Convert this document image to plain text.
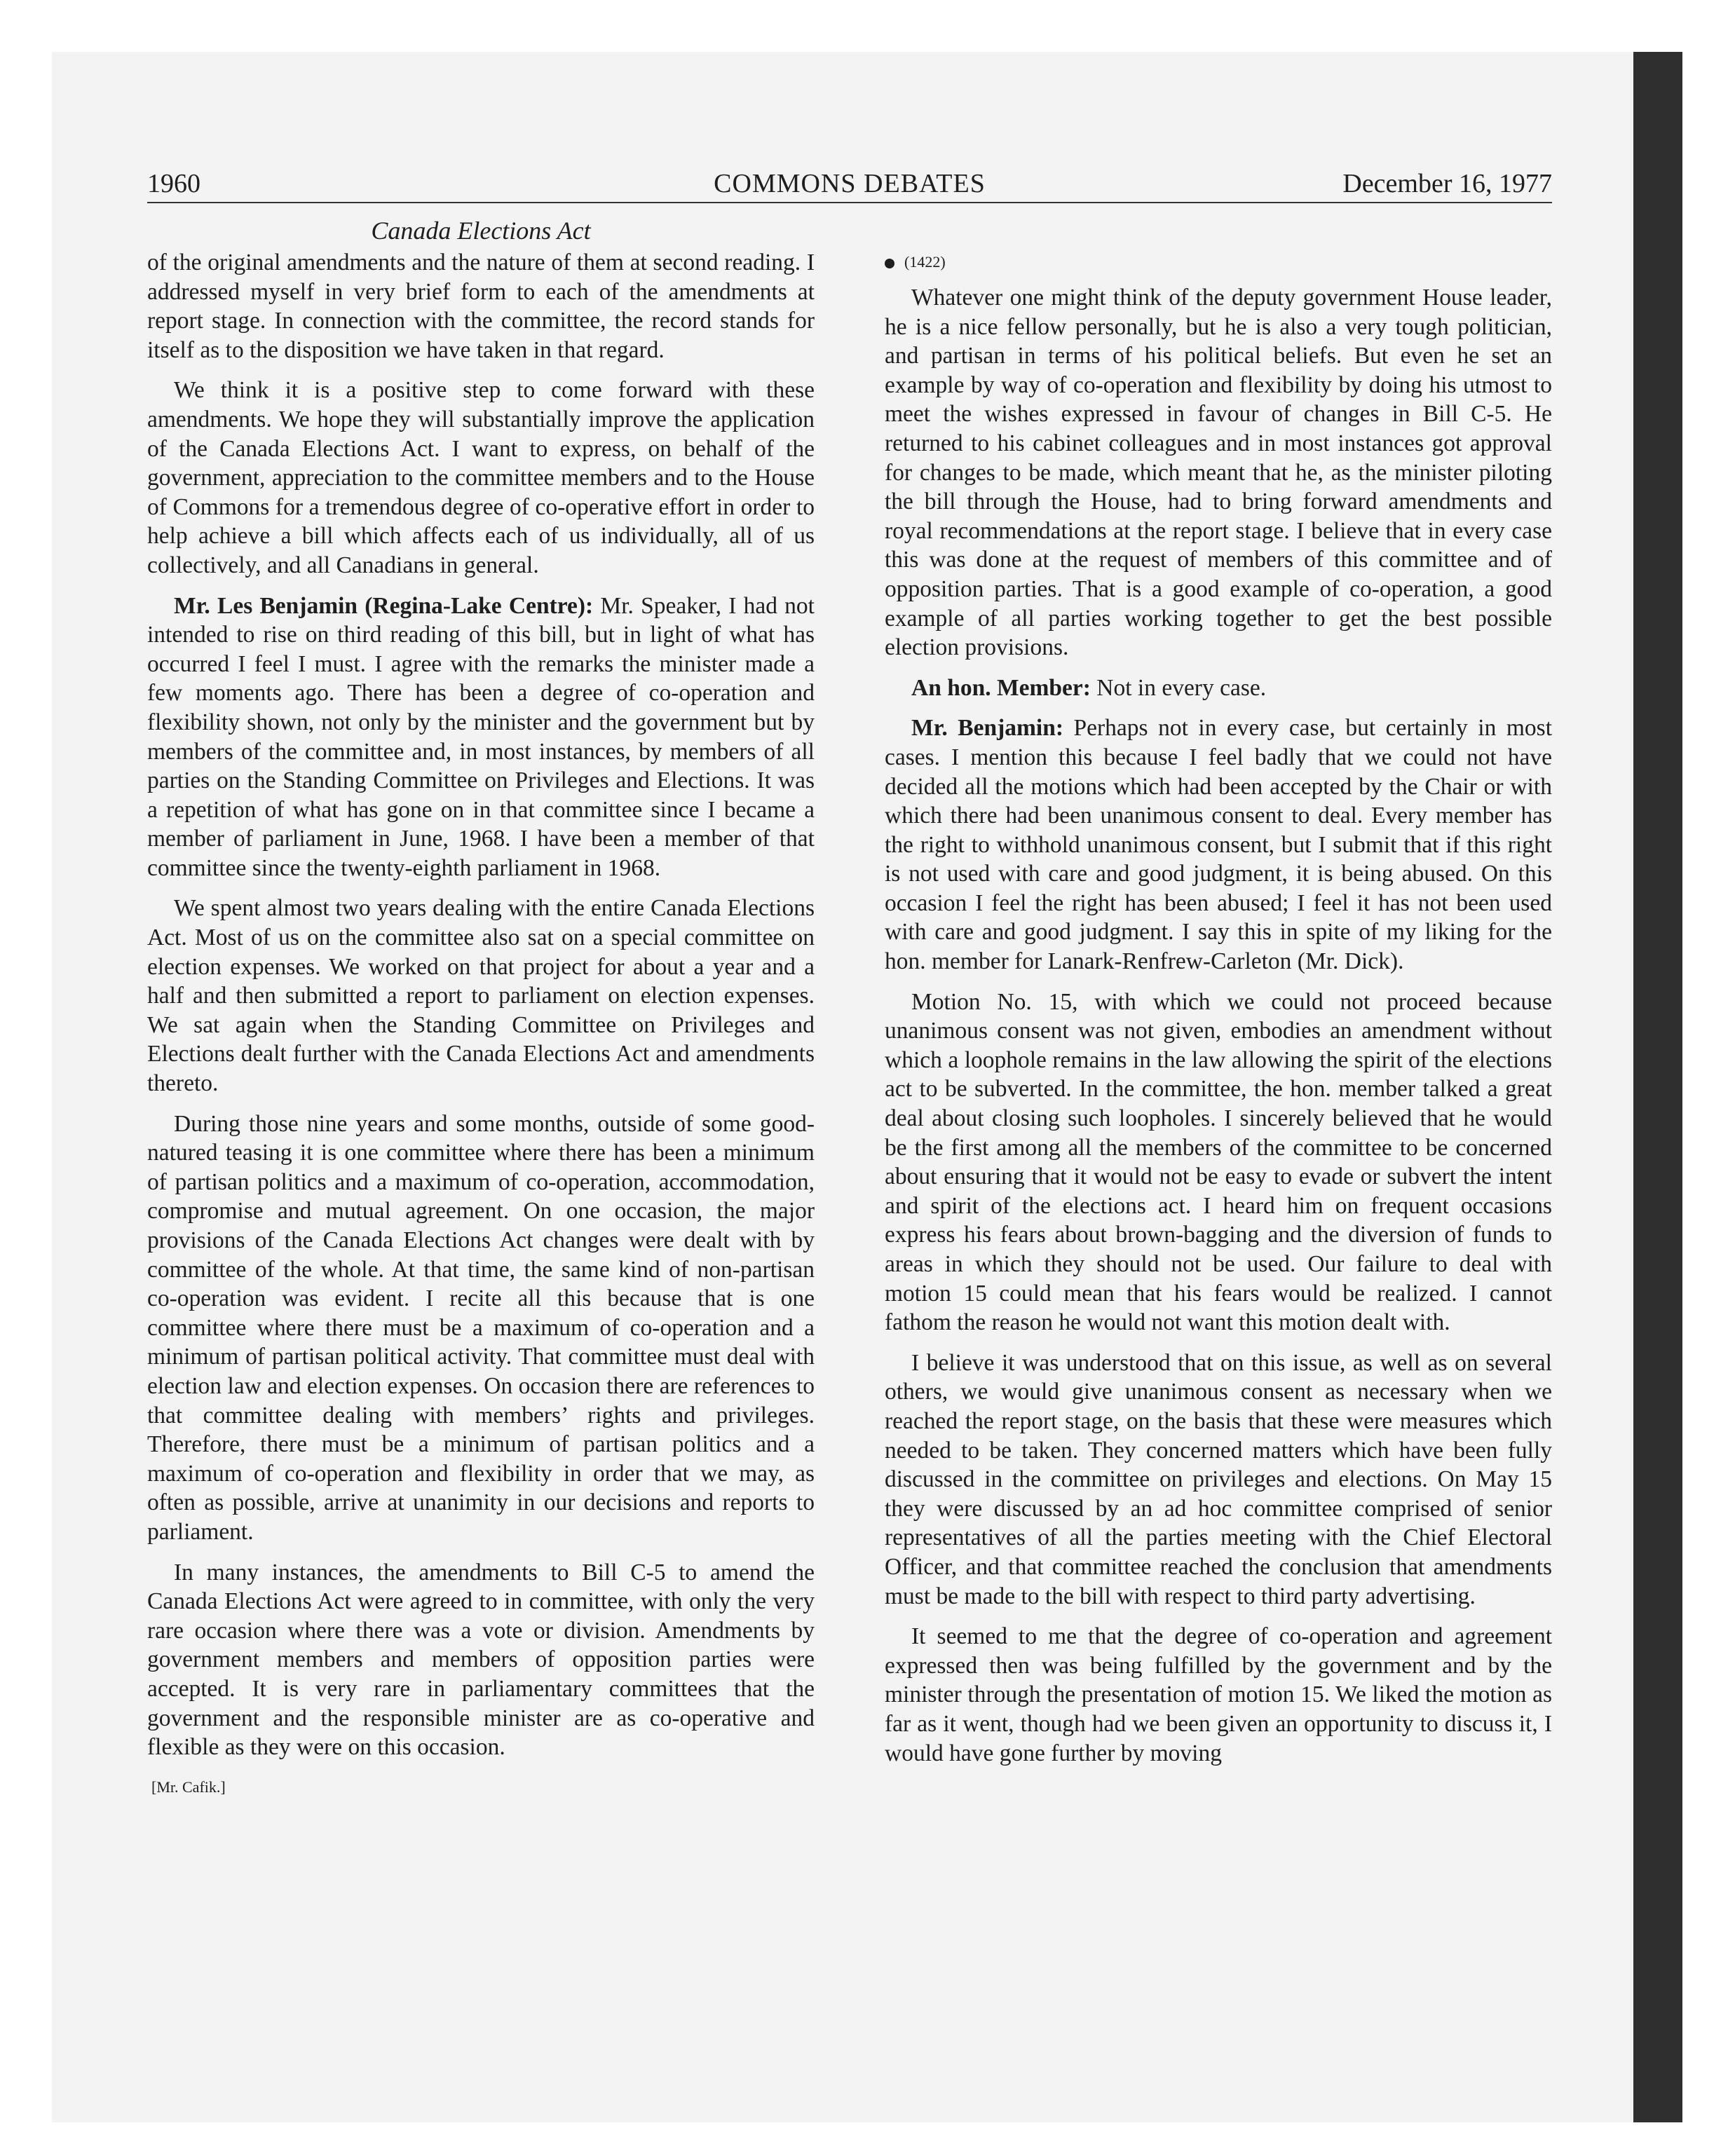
1960	COMMONS DEBATES	December 16, 1977
Canada Elections Act

of the original amendments and the nature of them at second reading. I addressed myself in very brief form to each of the amendments at report stage. In connection with the committee, the record stands for itself as to the disposition we have taken in that regard.

We think it is a positive step to come forward with these amendments. We hope they will substantially improve the application of the Canada Elections Act. I want to express, on behalf of the government, appreciation to the committee members and to the House of Commons for a tremendous degree of co-operative effort in order to help achieve a bill which affects each of us individually, all of us collectively, and all Canadians in general.

Mr. Les Benjamin (Regina-Lake Centre): Mr. Speaker, I had not intended to rise on third reading of this bill, but in light of what has occurred I feel I must. I agree with the remarks the minister made a few moments ago. There has been a degree of co-operation and flexibility shown, not only by the minister and the government but by members of the committee and, in most instances, by members of all parties on the Standing Committee on Privileges and Elections. It was a repetition of what has gone on in that committee since I became a member of parliament in June, 1968. I have been a member of that committee since the twenty-eighth parliament in 1968.

We spent almost two years dealing with the entire Canada Elections Act. Most of us on the committee also sat on a special committee on election expenses. We worked on that project for about a year and a half and then submitted a report to parliament on election expenses. We sat again when the Standing Committee on Privileges and Elections dealt further with the Canada Elections Act and amendments thereto.

During those nine years and some months, outside of some good-natured teasing it is one committee where there has been a minimum of partisan politics and a maximum of co-operation, accommodation, compromise and mutual agreement. On one occasion, the major provisions of the Canada Elections Act changes were dealt with by committee of the whole. At that time, the same kind of non-partisan co-operation was evident. I recite all this because that is one committee where there must be a maximum of co-operation and a minimum of partisan political activity. That committee must deal with election law and election expenses. On occasion there are references to that committee dealing with members’ rights and privileges. Therefore, there must be a minimum of partisan politics and a maximum of co-operation and flexibility in order that we may, as often as possible, arrive at unanimity in our decisions and reports to parliament.

In many instances, the amendments to Bill C-5 to amend the Canada Elections Act were agreed to in committee, with only the very rare occasion where there was a vote or division. Amendments by government members and members of opposition parties were accepted. It is very rare in parliamentary committees that the government and the responsible minister are as co-operative and flexible as they were on this occasion.

[Mr. Cafik.]
(1422)

Whatever one might think of the deputy government House leader, he is a nice fellow personally, but he is also a very tough politician, and partisan in terms of his political beliefs. But even he set an example by way of co-operation and flexibility by doing his utmost to meet the wishes expressed in favour of changes in Bill C-5. He returned to his cabinet colleagues and in most instances got approval for changes to be made, which meant that he, as the minister piloting the bill through the House, had to bring forward amendments and royal recommendations at the report stage. I believe that in every case this was done at the request of members of this committee and of opposition parties. That is a good example of co-operation, a good example of all parties working together to get the best possible election provisions.

An hon. Member: Not in every case.

Mr. Benjamin: Perhaps not in every case, but certainly in most cases. I mention this because I feel badly that we could not have decided all the motions which had been accepted by the Chair or with which there had been unanimous consent to deal. Every member has the right to withhold unanimous consent, but I submit that if this right is not used with care and good judgment, it is being abused. On this occasion I feel the right has been abused; I feel it has not been used with care and good judgment. I say this in spite of my liking for the hon. member for Lanark-Renfrew-Carleton (Mr. Dick).

Motion No. 15, with which we could not proceed because unanimous consent was not given, embodies an amendment without which a loophole remains in the law allowing the spirit of the elections act to be subverted. In the committee, the hon. member talked a great deal about closing such loopholes. I sincerely believed that he would be the first among all the members of the committee to be concerned about ensuring that it would not be easy to evade or subvert the intent and spirit of the elections act. I heard him on frequent occasions express his fears about brown-bagging and the diversion of funds to areas in which they should not be used. Our failure to deal with motion 15 could mean that his fears would be realized. I cannot fathom the reason he would not want this motion dealt with.

I believe it was understood that on this issue, as well as on several others, we would give unanimous consent as necessary when we reached the report stage, on the basis that these were measures which needed to be taken. They concerned matters which have been fully discussed in the committee on privileges and elections. On May 15 they were discussed by an ad hoc committee comprised of senior representatives of all the parties meeting with the Chief Electoral Officer, and that committee reached the conclusion that amendments must be made to the bill with respect to third party advertising.

It seemed to me that the degree of co-operation and agreement expressed then was being fulfilled by the government and by the minister through the presentation of motion 15. We liked the motion as far as it went, though had we been given an opportunity to discuss it, I would have gone further by moving
